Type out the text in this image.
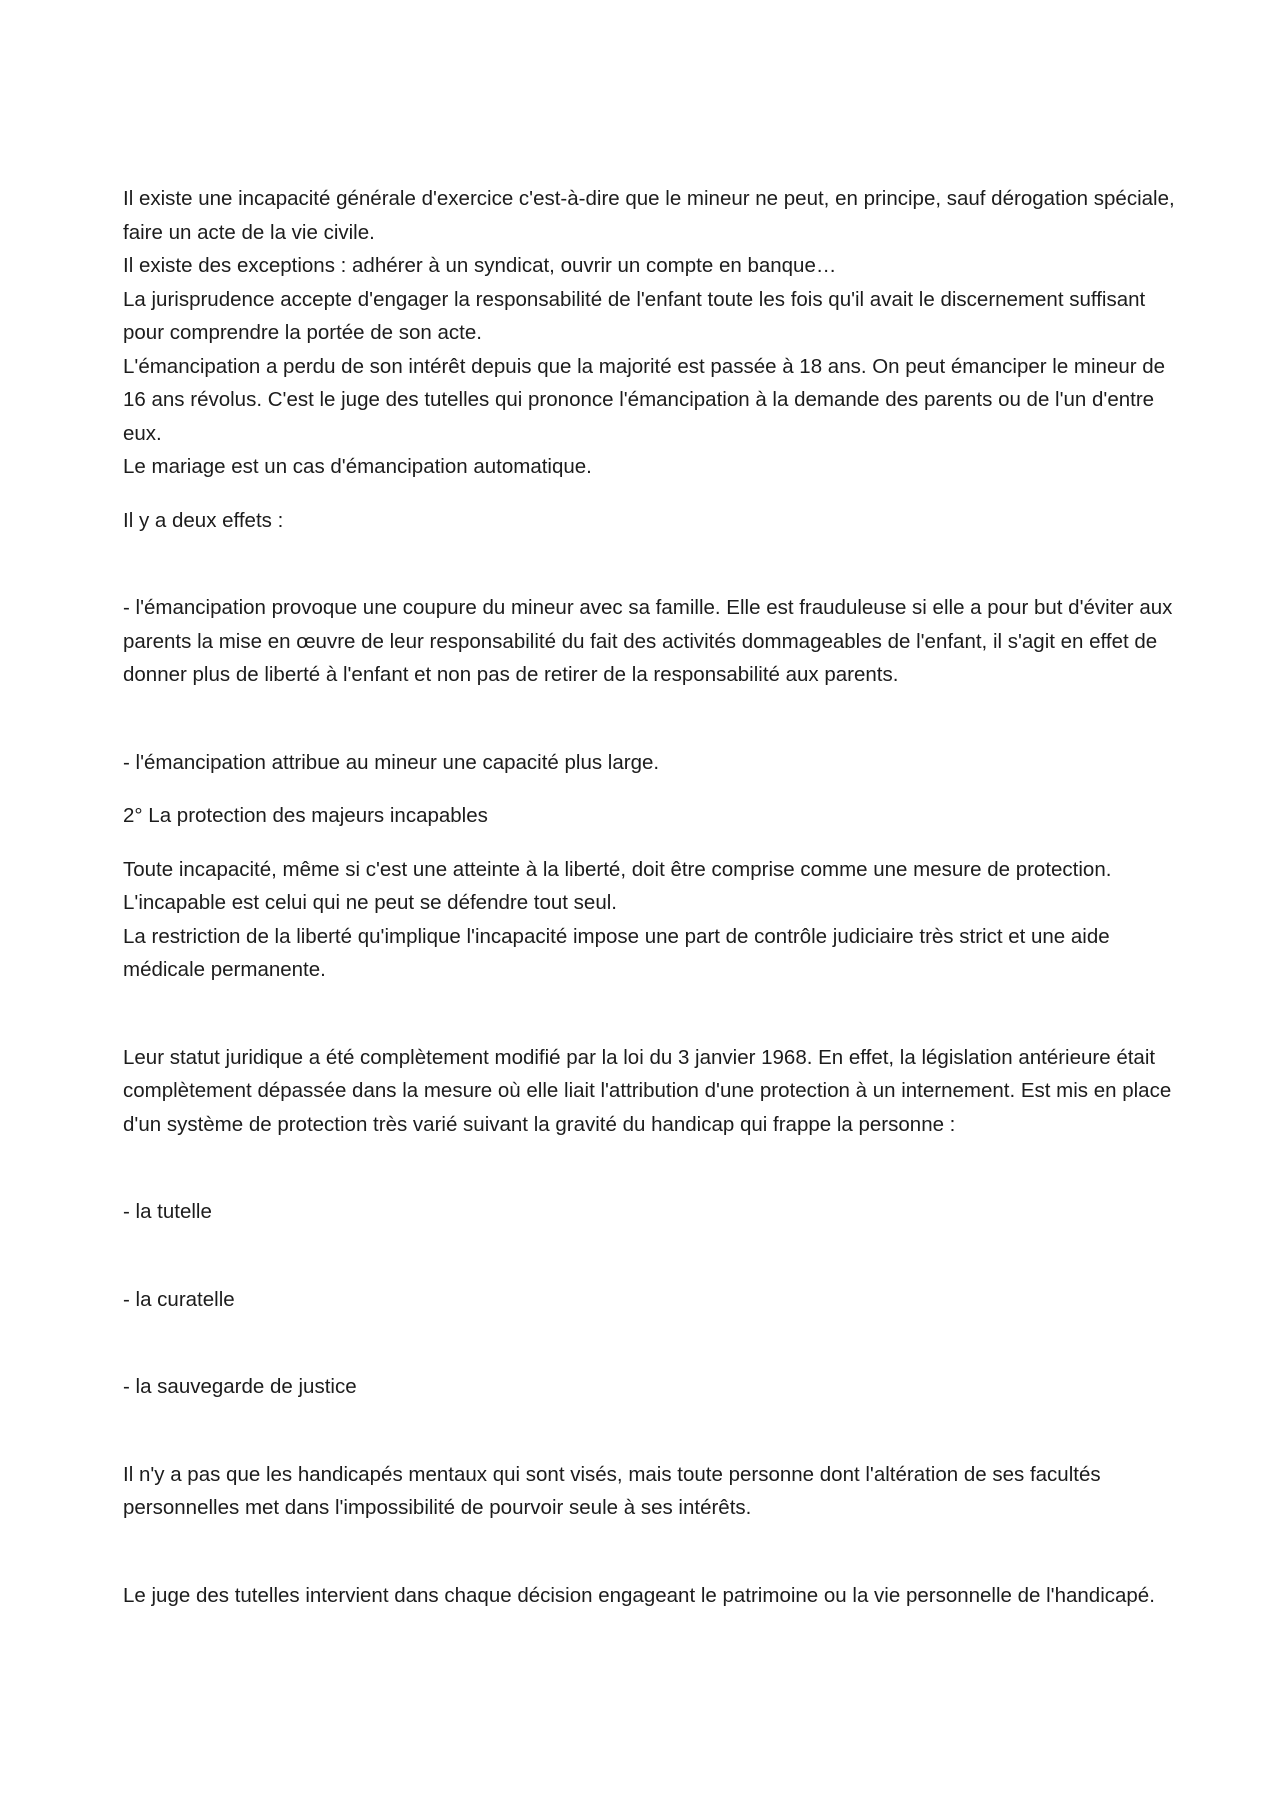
Il existe une incapacité générale d'exercice c'est-à-dire que le mineur ne peut, en principe, sauf dérogation spéciale, faire un acte de la vie civile.

Il existe des exceptions : adhérer à un syndicat, ouvrir un compte en banque…

La jurisprudence accepte d'engager la responsabilité de l'enfant toute les fois qu'il avait le discernement suffisant pour comprendre la portée de son acte.

L'émancipation a perdu de son intérêt depuis que la majorité est passée à 18 ans. On peut émanciper le mineur de 16 ans révolus. C'est le juge des tutelles qui prononce l'émancipation à la demande des parents ou de l'un d'entre eux.

Le mariage est un cas d'émancipation automatique.

Il y a deux effets :

- l'émancipation provoque une coupure du mineur avec sa famille. Elle est frauduleuse si elle a pour but d'éviter aux parents la mise en œuvre de leur responsabilité du fait des activités dommageables de l'enfant, il s'agit en effet de donner plus de liberté à l'enfant et non pas de retirer de la responsabilité aux parents.

- l'émancipation attribue au mineur une capacité plus large.

2° La protection des majeurs incapables

Toute incapacité, même si c'est une atteinte à la liberté, doit être comprise comme une mesure de protection. L'incapable est celui qui ne peut se défendre tout seul.

La restriction de la liberté qu'implique l'incapacité impose une part de contrôle judiciaire très strict et une aide médicale permanente.

Leur statut juridique a été complètement modifié par la loi du 3 janvier 1968. En effet, la législation antérieure était complètement dépassée dans la mesure où elle liait l'attribution d'une protection à un internement. Est mis en place d'un système de protection très varié suivant la gravité du handicap qui frappe la personne :

- la tutelle

- la curatelle

- la sauvegarde de justice

Il n'y a pas que les handicapés mentaux qui sont visés, mais toute personne dont l'altération de ses facultés personnelles met dans l'impossibilité de pourvoir seule à ses intérêts.

Le juge des tutelles intervient dans chaque décision engageant le patrimoine ou la vie personnelle de l'handicapé.
